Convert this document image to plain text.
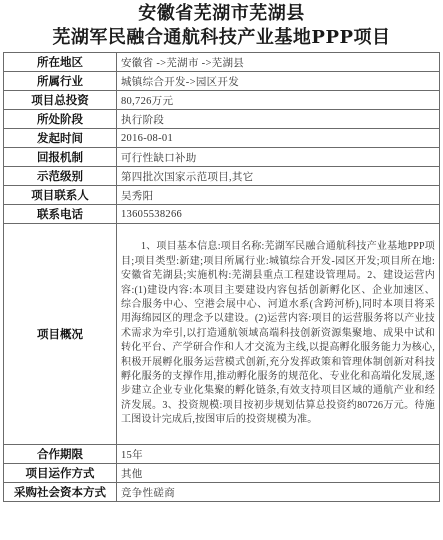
安徽省芜湖市芜湖县
芜湖军民融合通航科技产业基地PPP项目
所在地区	安徽省 ->芜湖市 ->芜湖县
所属行业	城镇综合开发->园区开发
项目总投资	80,726万元
所处阶段	执行阶段
发起时间	2016-08-01
回报机制	可行性缺口补助
示范级别	第四批次国家示范项目,其它
项目联系人	吴秀阳
联系电话	13605538266
项目概况	1、项目基本信息:项目名称:芜湖军民融合通航科技产业基地PPP项目;项目类型:新建;项目所属行业:城镇综合开发-园区开发;项目所在地:安徽省芜湖县;实施机构:芜湖县重点工程建设管理局。2、建设运营内容:(1)建设内容:本项目主要建设内容包括创新孵化区、企业加速区、综合服务中心、空港会展中心、河道水系(含跨河桥),同时本项目将采用海绵园区的理念予以建设。(2)运营内容:项目的运营服务将以产业技术需求为牵引,以打造通航领域高端科技创新资源集聚地、成果中试和转化平台、产学研合作和人才交流为主线,以提高孵化服务能力为核心,积极开展孵化服务运营模式创新,充分发挥政策和管理体制创新对科技孵化服务的支撑作用,推动孵化服务的规范化、专业化和高端化发展,逐步建立企业专业化集聚的孵化链条,有效支持项目区域的通航产业和经济发展。3、投资规模:项目按初步规划估算总投资约80726万元。待施工图设计完成后,按图审后的投资规模为准。
合作期限	15年
项目运作方式	其他
采购社会资本方式	竞争性磋商
